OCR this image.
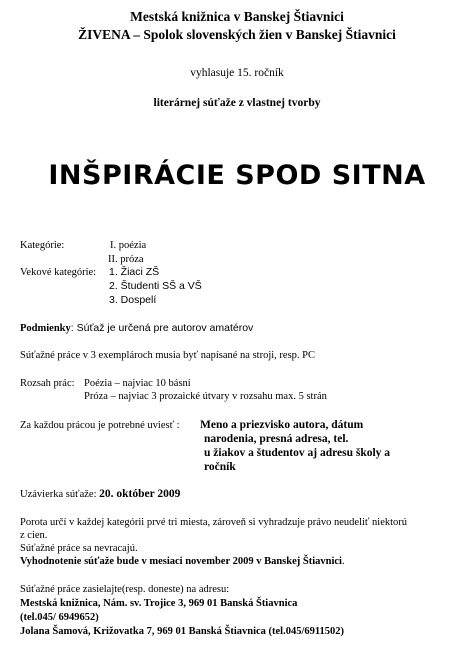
Mestská knižnica v Banskej Štiavnici
ŽIVENA – Spolok slovenských žien v Banskej Štiavnici
vyhlasuje 15. ročník
literárnej súťaže z vlastnej tvorby
INŠPIRÁCIE SPOD SITNA
Kategórie:	I. poézia
II. próza
Vekové kategórie: 1. Žiaci ZŠ
2. Študenti SŠ a VŠ
3. Dospelí
Podmienky: Súťaž je určená pre autorov amatérov
Súťažné práce v 3 exemplároch musia byť napísané na stroji, resp. PC
Rozsah prác: Poézia – najviac 10 básní
Próza – najviac 3 prozaické útvary v rozsahu max. 5 strán
Za každou prácou je potrebné uviesť : Meno a priezvisko autora, dátum
narodenia, presná adresa, tel.
u žiakov a študentov aj adresu školy a
ročník
Uzávierka súťaže: 20. október 2009
Porota určí v každej kategórii prvé tri miesta, zároveň si vyhradzuje právo neudeliť niektorú
z cien.
Súťažné práce sa nevracajú.
Vyhodnotenie súťaže bude v mesiaci november 2009 v Banskej Štiavnici.
Súťažné práce zasielajte(resp. doneste) na adresu:
Mestská knižnica, Nám. sv. Trojice 3, 969 01 Banská Štiavnica
(tel.045/ 6949652)
Jolana Šamová, Križovatka 7, 969 01 Banská Štiavnica (tel.045/6911502)
